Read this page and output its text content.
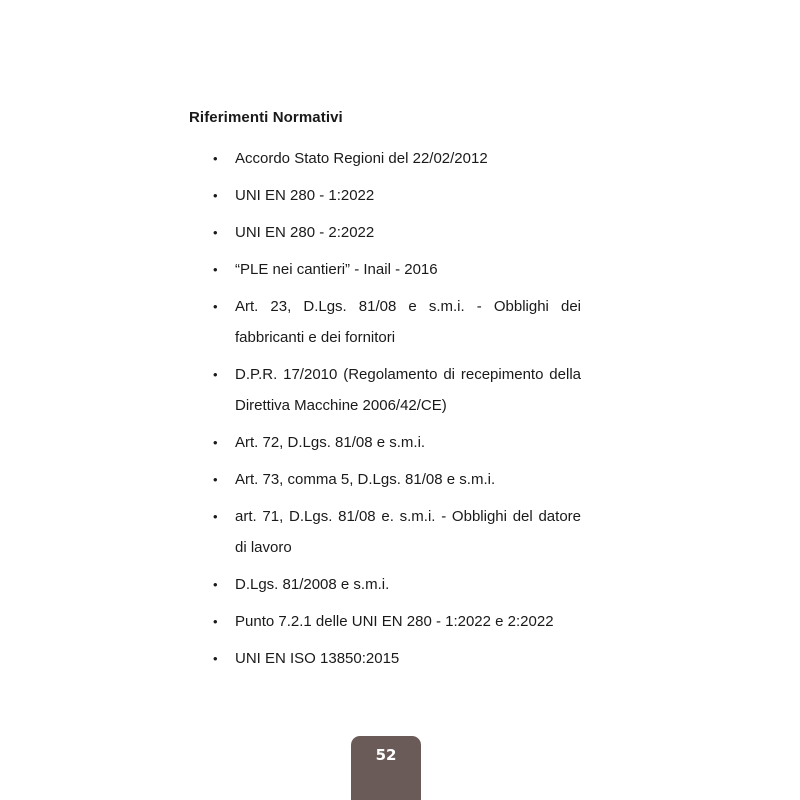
Riferimenti Normativi
• Accordo Stato Regioni del 22/02/2012
• UNI EN 280 - 1:2022
• UNI EN 280 - 2:2022
• “PLE nei cantieri” - Inail - 2016
• Art. 23, D.Lgs. 81/08 e s.m.i. - Obblighi dei fabbricanti e dei fornitori
• D.P.R. 17/2010 (Regolamento di recepimento della Direttiva Macchine 2006/42/CE)
• Art. 72, D.Lgs. 81/08 e s.m.i.
• Art. 73, comma 5, D.Lgs. 81/08 e s.m.i.
• art. 71, D.Lgs. 81/08 e. s.m.i. - Obblighi del datore di lavoro
• D.Lgs. 81/2008 e s.m.i.
• Punto 7.2.1 delle UNI EN 280 - 1:2022 e 2:2022
• UNI EN ISO 13850:2015
52
